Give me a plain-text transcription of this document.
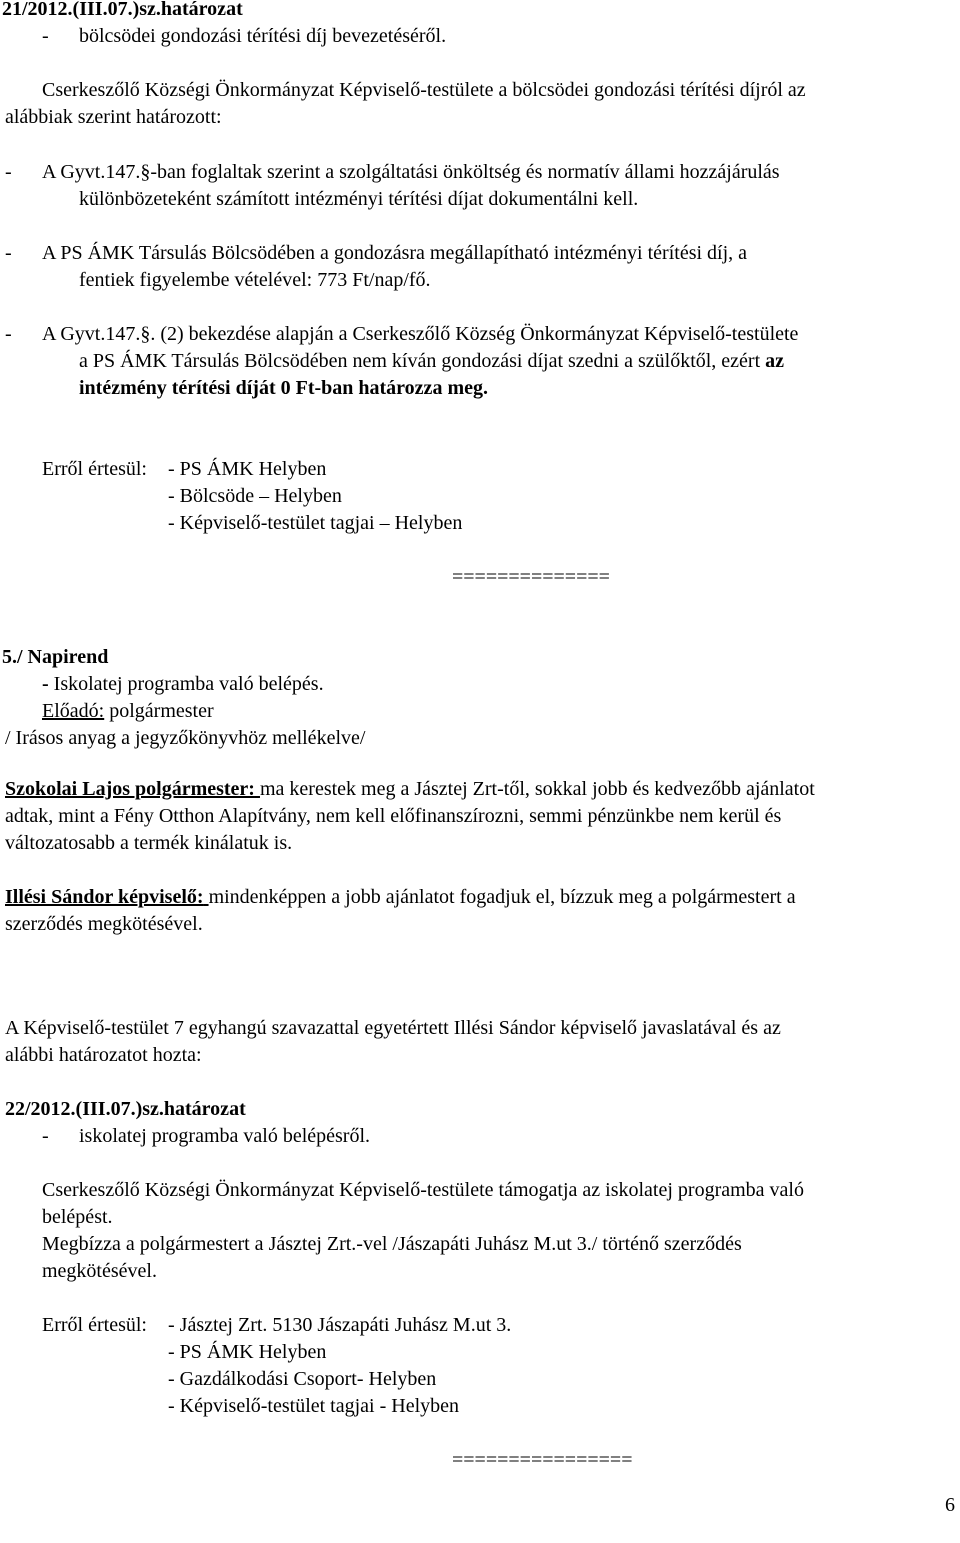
21/2012.(III.07.)sz.határozat
- bölcsödei gondozási térítési díj bevezetéséről.
Cserkeszőlő Községi Önkormányzat Képviselő-testülete a bölcsödei gondozási térítési díjról az
alábbiak szerint határozott:
- A Gyvt.147.§-ban foglaltak szerint a szolgáltatási önköltség és normatív állami hozzájárulás
különbözeteként számított intézményi térítési díjat dokumentálni kell.
- A PS ÁMK Társulás Bölcsödében a gondozásra megállapítható intézményi térítési díj, a
fentiek figyelembe vételével: 773 Ft/nap/fő.
- A Gyvt.147.§. (2) bekezdése alapján a Cserkeszőlő Község Önkormányzat Képviselő-testülete
a PS ÁMK Társulás Bölcsödében nem kíván gondozási díjat szedni a szülőktől, ezért az
intézmény térítési díját 0 Ft-ban határozza meg.
Erről értesül: - PS ÁMK Helyben
- Bölcsöde – Helyben
- Képviselő-testület tagjai – Helyben
==============
5./ Napirend
- Iskolatej programba való belépés.
Előadó: polgármester
/ Irásos anyag a jegyzőkönyvhöz mellékelve/
Szokolai Lajos polgármester: ma kerestek meg a Jásztej Zrt-től, sokkal jobb és kedvezőbb ajánlatot
adtak, mint a Fény Otthon Alapítvány, nem kell előfinanszírozni, semmi pénzünkbe nem kerül és
változatosabb a termék kinálatuk is.
Illési Sándor képviselő: mindenképpen a jobb ajánlatot fogadjuk el, bízzuk meg a polgármestert a
szerződés megkötésével.
A Képviselő-testület 7 egyhangú szavazattal egyetértett Illési Sándor képviselő javaslatával és az
alábbi határozatot hozta:
22/2012.(III.07.)sz.határozat
- iskolatej programba való belépésről.
Cserkeszőlő Községi Önkormányzat Képviselő-testülete támogatja az iskolatej programba való
belépést.
Megbízza a polgármestert a Jásztej Zrt.-vel /Jászapáti Juhász M.ut 3./ történő szerződés
megkötésével.
Erről értesül: - Jásztej Zrt. 5130 Jászapáti Juhász M.ut 3.
- PS ÁMK Helyben
- Gazdálkodási Csoport- Helyben
- Képviselő-testület tagjai - Helyben
================
6
